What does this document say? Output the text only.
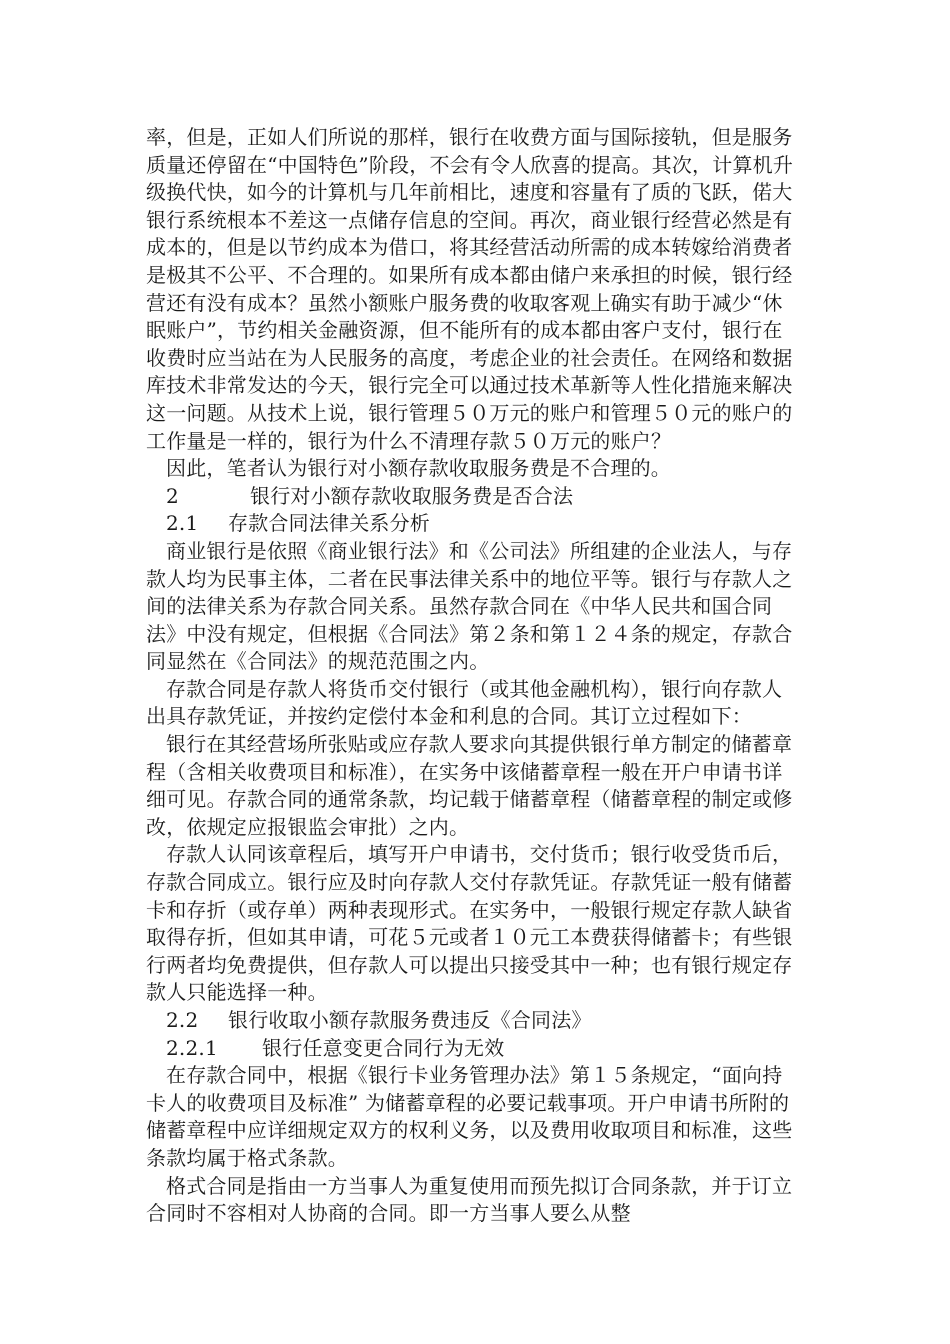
率，但是，正如人们所说的那样，银行在收费方面与国际接轨，但是服务质量还停留在“中国特色”阶段，不会有令人欣喜的提高。其次，计算机升级换代快，如今的计算机与几年前相比，速度和容量有了质的飞跃，偌大银行系统根本不差这一点储存信息的空间。再次，商业银行经营必然是有成本的，但是以节约成本为借口，将其经营活动所需的成本转嫁给消费者是极其不公平、不合理的。如果所有成本都由储户来承担的时候，银行经营还有没有成本？虽然小额账户服务费的收取客观上确实有助于减少“休眠账户”，节约相关金融资源，但不能所有的成本都由客户支付，银行在收费时应当站在为人民服务的高度，考虑企业的社会责任。在网络和数据库技术非常发达的今天，银行完全可以通过技术革新等人性化措施来解决这一问题。从技术上说，银行管理５０万元的账户和管理５０元的账户的工作量是一样的，银行为什么不清理存款５０万元的账户？

因此，笔者认为银行对小额存款收取服务费是不合理的。

2	银行对小额存款收取服务费是否合法

2.1 存款合同法律关系分析

商业银行是依照《商业银行法》和《公司法》所组建的企业法人，与存款人均为民事主体，二者在民事法律关系中的地位平等。银行与存款人之间的法律关系为存款合同关系。虽然存款合同在《中华人民共和国合同法》中没有规定，但根据《合同法》第２条和第１２４条的规定，存款合同显然在《合同法》的规范范围之内。

存款合同是存款人将货币交付银行（或其他金融机构），银行向存款人出具存款凭证，并按约定偿付本金和利息的合同。其订立过程如下：

银行在其经营场所张贴或应存款人要求向其提供银行单方制定的储蓄章程（含相关收费项目和标准），在实务中该储蓄章程一般在开户申请书详细可见。存款合同的通常条款，均记载于储蓄章程（储蓄章程的制定或修改，依规定应报银监会审批）之内。

存款人认同该章程后，填写开户申请书，交付货币；银行收受货币后，存款合同成立。银行应及时向存款人交付存款凭证。存款凭证一般有储蓄卡和存折（或存单）两种表现形式。在实务中，一般银行规定存款人缺省取得存折，但如其申请，可花５元或者１０元工本费获得储蓄卡；有些银行两者均免费提供，但存款人可以提出只接受其中一种；也有银行规定存款人只能选择一种。

2.2 银行收取小额存款服务费违反《合同法》

2.2.1 银行任意变更合同行为无效

在存款合同中，根据《银行卡业务管理办法》第１５条规定，“面向持卡人的收费项目及标准” 为储蓄章程的必要记载事项。开户申请书所附的储蓄章程中应详细规定双方的权利义务，以及费用收取项目和标准，这些条款均属于格式条款。

格式合同是指由一方当事人为重复使用而预先拟订合同条款，并于订立合同时不容相对人协商的合同。即一方当事人要么从整
